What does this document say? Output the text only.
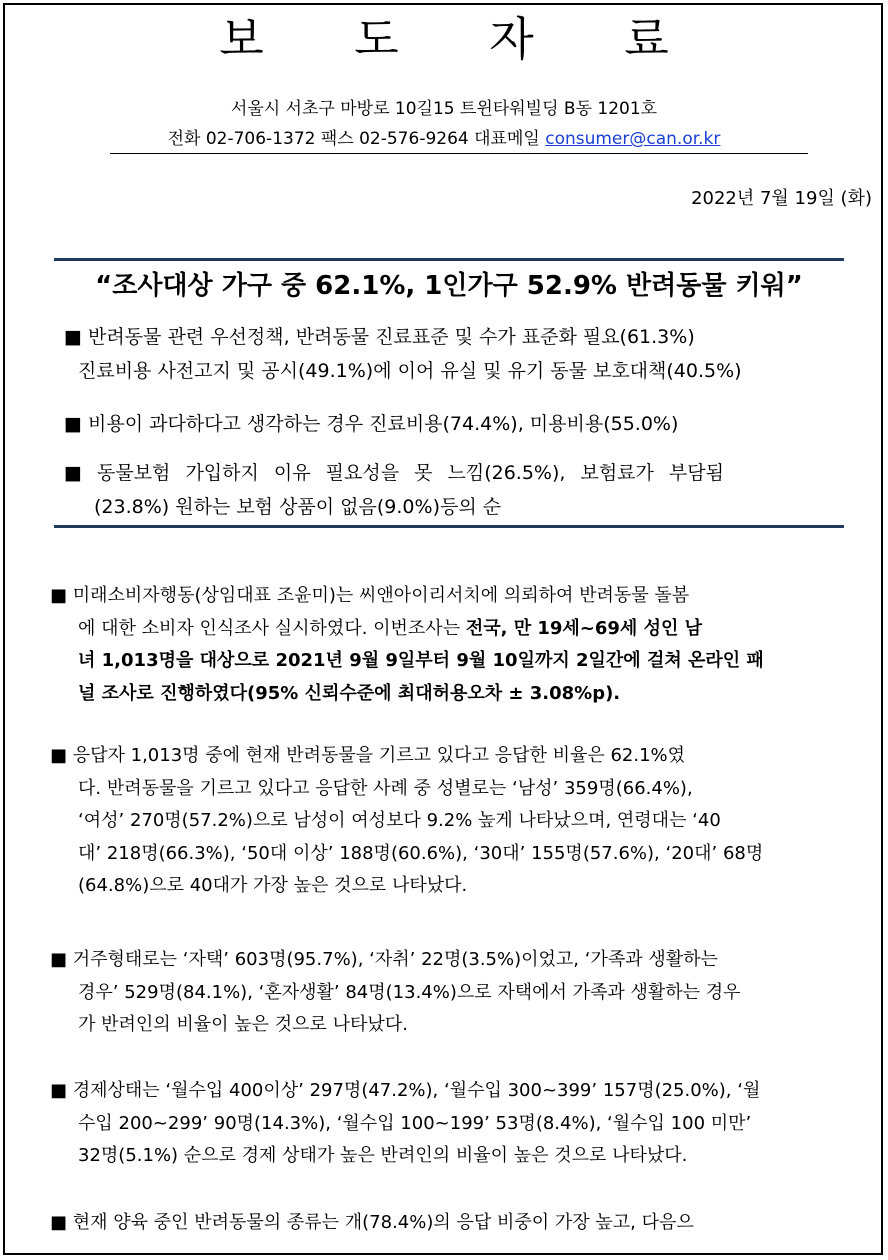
보 도 자 료
서울시 서초구 마방로 10길15 트윈타워빌딩 B동 1201호
전화 02-706-1372 팩스 02-576-9264 대표메일 consumer@can.or.kr
2022년 7월 19일 (화)
“조사대상 가구 중 62.1%, 1인가구 52.9% 반려동물 키워”
■ 반려동물 관련 우선정책, 반려동물 진료표준 및 수가 표준화 필요(61.3%)
진료비용 사전고지 및 공시(49.1%)에 이어 유실 및 유기 동물 보호대책(40.5%)
■ 비용이 과다하다고 생각하는 경우 진료비용(74.4%), 미용비용(55.0%)
■ 동물보험 가입하지 이유 필요성을 못 느낌(26.5%), 보험료가 부담됨
(23.8%) 원하는 보험 상품이 없음(9.0%)등의 순
■ 미래소비자행동(상임대표 조윤미)는 씨앤아이리서치에 의뢰하여 반려동물 돌봄
에 대한 소비자 인식조사 실시하였다. 이번조사는 전국, 만 19세~69세 성인 남
녀 1,013명을 대상으로 2021년 9월 9일부터 9월 10일까지 2일간에 걸쳐 온라인 패
널 조사로 진행하였다(95% 신뢰수준에 최대허용오차 ± 3.08%p).
■ 응답자 1,013명 중에 현재 반려동물을 기르고 있다고 응답한 비율은 62.1%였
다. 반려동물을 기르고 있다고 응답한 사례 중 성별로는 ‘남성’ 359명(66.4%),
‘여성’ 270명(57.2%)으로 남성이 여성보다 9.2% 높게 나타났으며, 연령대는 ‘40
대’ 218명(66.3%), ‘50대 이상’ 188명(60.6%), ‘30대’ 155명(57.6%), ‘20대’ 68명
(64.8%)으로 40대가 가장 높은 것으로 나타났다.
■ 거주형태로는 ‘자택’ 603명(95.7%), ‘자취’ 22명(3.5%)이었고, ‘가족과 생활하는
경우’ 529명(84.1%), ‘혼자생활’ 84명(13.4%)으로 자택에서 가족과 생활하는 경우
가 반려인의 비율이 높은 것으로 나타났다.
■ 경제상태는 ‘월수입 400이상’ 297명(47.2%), ‘월수입 300~399’ 157명(25.0%), ‘월
수입 200~299’ 90명(14.3%), ‘월수입 100~199’ 53명(8.4%), ‘월수입 100 미만’
32명(5.1%) 순으로 경제 상태가 높은 반려인의 비율이 높은 것으로 나타났다.
■ 현재 양육 중인 반려동물의 종류는 개(78.4%)의 응답 비중이 가장 높고, 다음으
